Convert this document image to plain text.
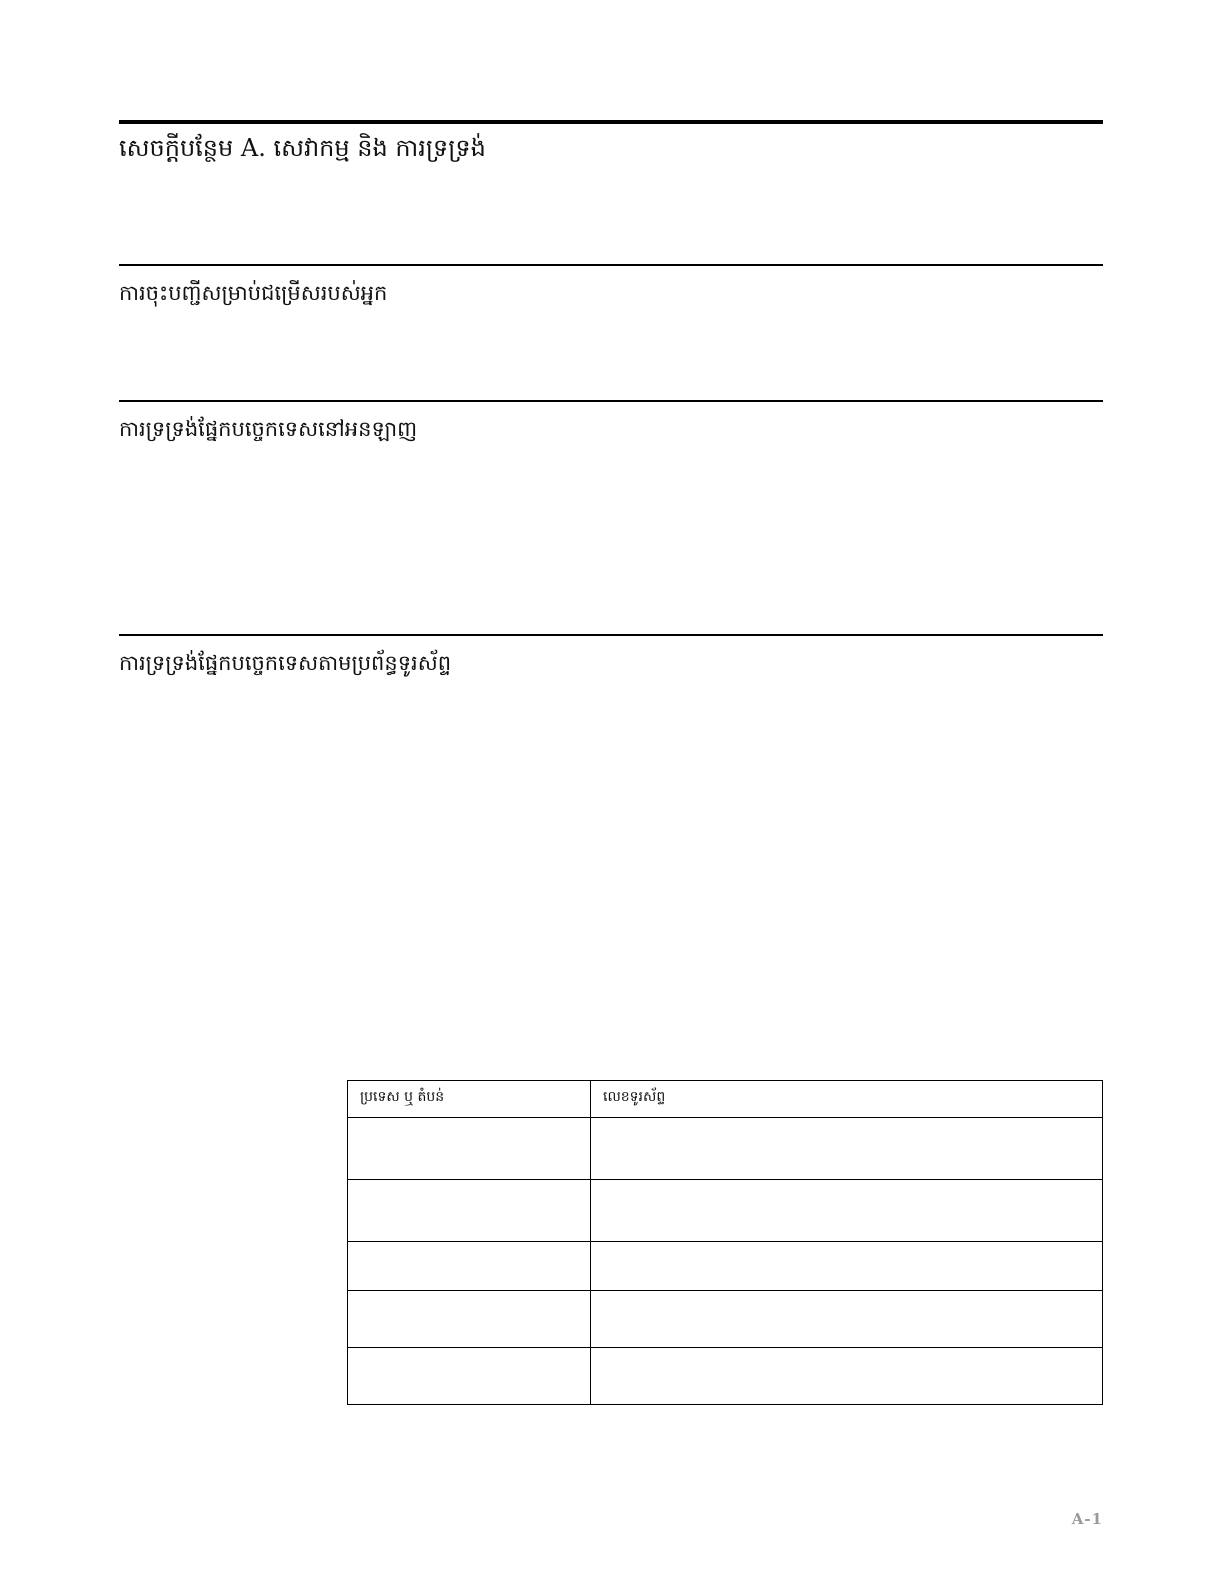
សេចក្ដីបន្ថែម A. សេវាកម្ម និង ការទ្រទ្រង់
ការចុះបញ្ជីសម្រាប់ជម្រើសរបស់អ្នក
ការទ្រទ្រង់ផ្នែកបច្ចេកទេសនៅអនឡាញ
ការទ្រទ្រង់ផ្នែកបច្ចេកទេសតាមប្រព័ន្ធទូរស័ព្ទ
ប្រទេស ឬ តំបន់	លេខទូរស័ព្ទ

A-1
